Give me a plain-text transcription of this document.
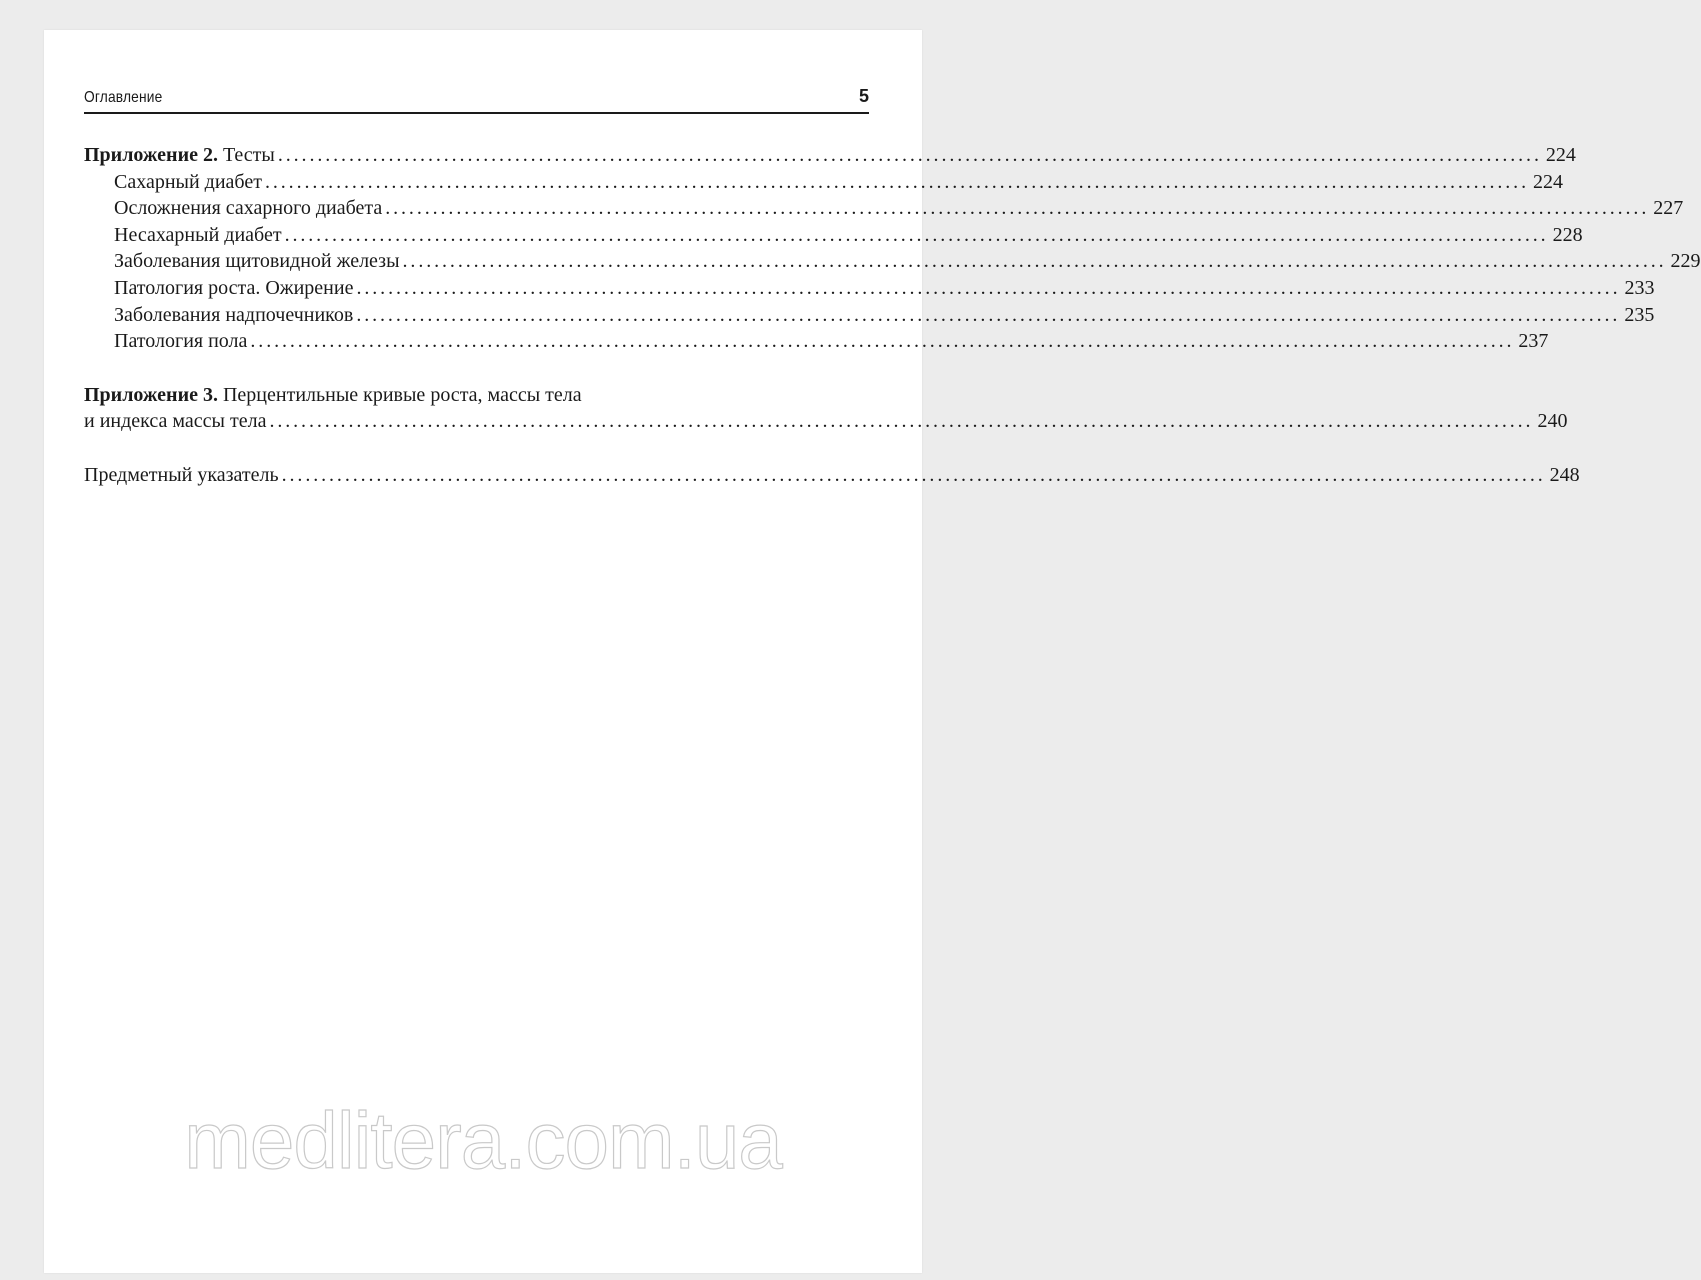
Оглавление	5
Приложение 2. Тесты ................................................................................................................................................................ 224
Сахарный диабет ................................................................................................................................................................ 224
Осложнения сахарного диабета ................................................................................................................................................................ 227
Несахарный диабет ................................................................................................................................................................ 228
Заболевания щитовидной железы ................................................................................................................................................................ 229
Патология роста. Ожирение ................................................................................................................................................................ 233
Заболевания надпочечников ................................................................................................................................................................ 235
Патология пола ................................................................................................................................................................ 237
Приложение 3. Перцентильные кривые роста, массы тела
и индекса массы тела ................................................................................................................................................................ 240
Предметный указатель ................................................................................................................................................................ 248
medlitera.com.ua
